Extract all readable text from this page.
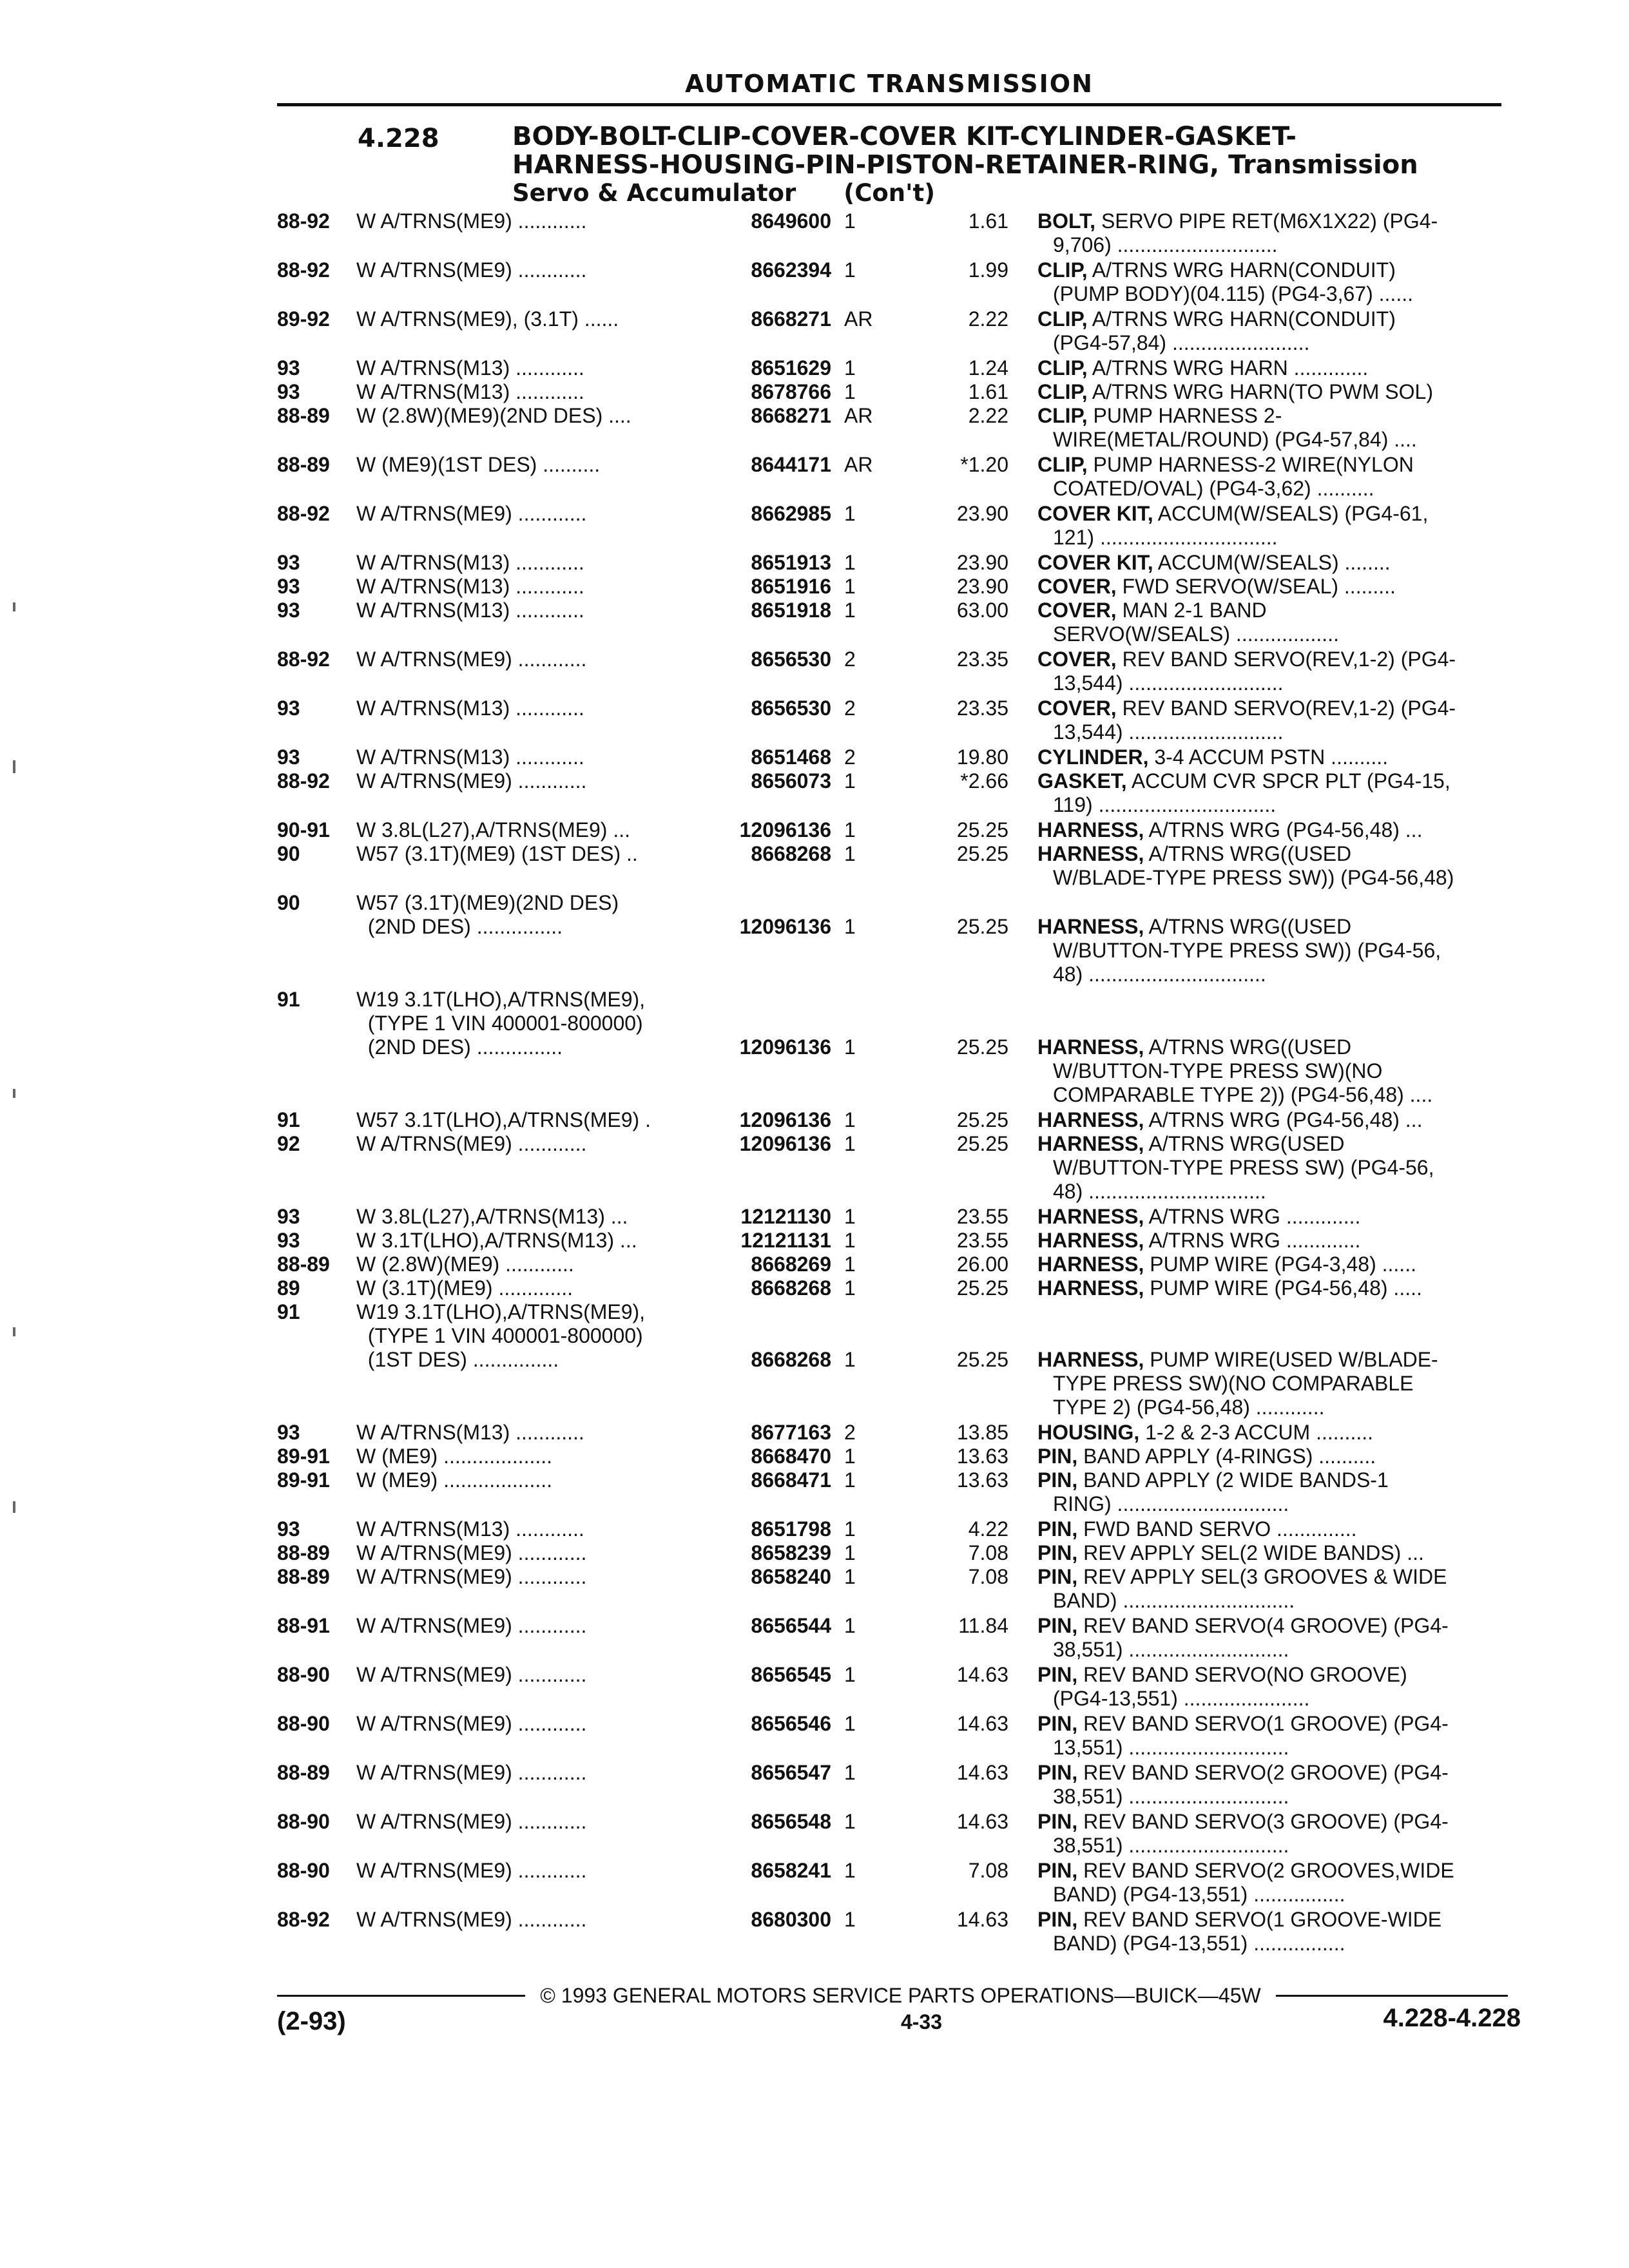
AUTOMATIC TRANSMISSION
4.228	BODY-BOLT-CLIP-COVER-COVER KIT-CYLINDER-GASKET-
HARNESS-HOUSING-PIN-PISTON-RETAINER-RING, Transmission
Servo & Accumulator (Con't)
88-92 W A/TRNS(ME9) ............	8649600 1	1.61 BOLT, SERVO PIPE RET(M6X1X22) (PG4-
9,706) ............................
88-92 W A/TRNS(ME9) ............	8662394 1	1.99 CLIP, A/TRNS WRG HARN(CONDUIT)
(PUMP BODY)(04.115) (PG4-3,67) ......
89-92 W A/TRNS(ME9), (3.1T) ......	8668271 AR	2.22 CLIP, A/TRNS WRG HARN(CONDUIT)
(PG4-57,84) ........................
93	W A/TRNS(M13) ............	8651629 1	1.24 CLIP, A/TRNS WRG HARN .............
93	W A/TRNS(M13) ............	8678766 1	1.61 CLIP, A/TRNS WRG HARN(TO PWM SOL)
88-89 W (2.8W)(ME9)(2ND DES) ....	8668271 AR	2.22 CLIP, PUMP HARNESS 2-
WIRE(METAL/ROUND) (PG4-57,84) ....
88-89 W (ME9)(1ST DES) ..........	8644171 AR	*1.20 CLIP, PUMP HARNESS-2 WIRE(NYLON
COATED/OVAL) (PG4-3,62) ..........
88-92 W A/TRNS(ME9) ............	8662985 1	23.90 COVER KIT, ACCUM(W/SEALS) (PG4-61,
121) ...............................
93	W A/TRNS(M13) ............	8651913 1	23.90 COVER KIT, ACCUM(W/SEALS) ........
93	W A/TRNS(M13) ............	8651916 1	23.90 COVER, FWD SERVO(W/SEAL) .........
93	W A/TRNS(M13) ............	8651918 1	63.00 COVER, MAN 2-1 BAND
SERVO(W/SEALS) ..................
88-92 W A/TRNS(ME9) ............	8656530 2	23.35 COVER, REV BAND SERVO(REV,1-2) (PG4-
13,544) ...........................
93	W A/TRNS(M13) ............	8656530 2	23.35 COVER, REV BAND SERVO(REV,1-2) (PG4-
13,544) ...........................
93	W A/TRNS(M13) ............	8651468 2	19.80 CYLINDER, 3-4 ACCUM PSTN ..........
88-92 W A/TRNS(ME9) ............	8656073 1	*2.66 GASKET, ACCUM CVR SPCR PLT (PG4-15,
119) ...............................
90-91 W 3.8L(L27),A/TRNS(ME9) ...	12096136 1	25.25 HARNESS, A/TRNS WRG (PG4-56,48) ...
90	W57 (3.1T)(ME9) (1ST DES) ..	8668268 1	25.25 HARNESS, A/TRNS WRG((USED
W/BLADE-TYPE PRESS SW)) (PG4-56,48)
90	W57 (3.1T)(ME9)(2ND DES)
(2ND DES) ...............	12096136 1	25.25 HARNESS, A/TRNS WRG((USED
W/BUTTON-TYPE PRESS SW)) (PG4-56,
48) ...............................
91	W19 3.1T(LHO),A/TRNS(ME9),
(TYPE 1 VIN 400001-800000)
(2ND DES) ...............	12096136 1	25.25 HARNESS, A/TRNS WRG((USED
W/BUTTON-TYPE PRESS SW)(NO
COMPARABLE TYPE 2)) (PG4-56,48) ....
91	W57 3.1T(LHO),A/TRNS(ME9) .	12096136 1	25.25 HARNESS, A/TRNS WRG (PG4-56,48) ...
92	W A/TRNS(ME9) ............	12096136 1	25.25 HARNESS, A/TRNS WRG(USED
W/BUTTON-TYPE PRESS SW) (PG4-56,
48) ...............................
93	W 3.8L(L27),A/TRNS(M13) ...	12121130 1	23.55 HARNESS, A/TRNS WRG .............
93	W 3.1T(LHO),A/TRNS(M13) ...	12121131 1	23.55 HARNESS, A/TRNS WRG .............
88-89 W (2.8W)(ME9) ............	8668269 1	26.00 HARNESS, PUMP WIRE (PG4-3,48) ......
89	W (3.1T)(ME9) .............	8668268 1	25.25 HARNESS, PUMP WIRE (PG4-56,48) .....
91	W19 3.1T(LHO),A/TRNS(ME9),
(TYPE 1 VIN 400001-800000)
(1ST DES) ...............	8668268 1	25.25 HARNESS, PUMP WIRE(USED W/BLADE-
TYPE PRESS SW)(NO COMPARABLE
TYPE 2) (PG4-56,48) ............
93	W A/TRNS(M13) ............	8677163 2	13.85 HOUSING, 1-2 & 2-3 ACCUM ..........
89-91 W (ME9) ...................	8668470 1	13.63 PIN, BAND APPLY (4-RINGS) ..........
89-91 W (ME9) ...................	8668471 1	13.63 PIN, BAND APPLY (2 WIDE BANDS-1
RING) ..............................
93	W A/TRNS(M13) ............	8651798 1	4.22 PIN, FWD BAND SERVO ..............
88-89 W A/TRNS(ME9) ............	8658239 1	7.08 PIN, REV APPLY SEL(2 WIDE BANDS) ...
88-89 W A/TRNS(ME9) ............	8658240 1	7.08 PIN, REV APPLY SEL(3 GROOVES & WIDE
BAND) ..............................
88-91 W A/TRNS(ME9) ............	8656544 1	11.84 PIN, REV BAND SERVO(4 GROOVE) (PG4-
38,551) ............................
88-90 W A/TRNS(ME9) ............	8656545 1	14.63 PIN, REV BAND SERVO(NO GROOVE)
(PG4-13,551) ......................
88-90 W A/TRNS(ME9) ............	8656546 1	14.63 PIN, REV BAND SERVO(1 GROOVE) (PG4-
13,551) ............................
88-89 W A/TRNS(ME9) ............	8656547 1	14.63 PIN, REV BAND SERVO(2 GROOVE) (PG4-
38,551) ............................
88-90 W A/TRNS(ME9) ............	8656548 1	14.63 PIN, REV BAND SERVO(3 GROOVE) (PG4-
38,551) ............................
88-90 W A/TRNS(ME9) ............	8658241 1	7.08 PIN, REV BAND SERVO(2 GROOVES,WIDE
BAND) (PG4-13,551) ................
88-92 W A/TRNS(ME9) ............	8680300 1	14.63 PIN, REV BAND SERVO(1 GROOVE-WIDE
BAND) (PG4-13,551) ................
© 1993 GENERAL MOTORS SERVICE PARTS OPERATIONS—BUICK—45W
(2-93)	4-33	4.228-4.228
